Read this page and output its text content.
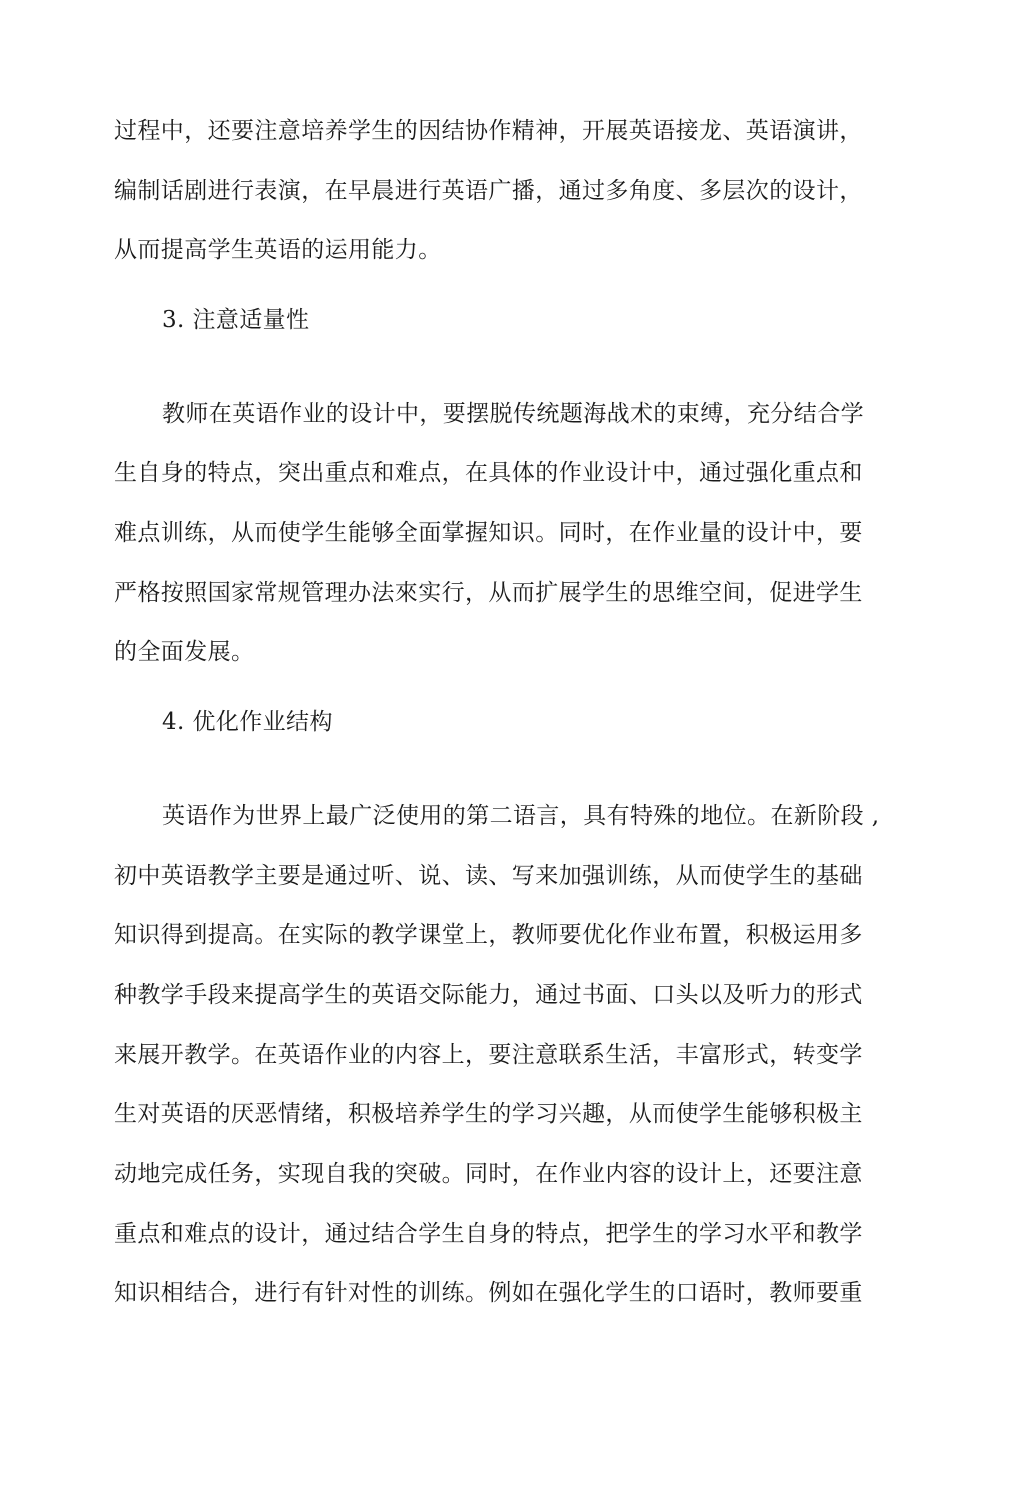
过程中，还要注意培养学生的因结协作精神，开展英语接龙、英语演讲，
编制话剧进行表演，在早晨进行英语广播，通过多角度、多层次的设计，
从而提高学生英语的运用能力。
3. 注意适量性
教师在英语作业的设计中，要摆脱传统题海战术的束缚，充分结合学
生自身的特点，突出重点和难点，在具体的作业设计中，通过强化重点和
难点训练，从而使学生能够全面掌握知识。同时，在作业量的设计中，要
严格按照国家常规管理办法來实行，从而扩展学生的思维空间，促进学生
的全面发展。
4. 优化作业结构
英语作为世界上最广泛使用的第二语言，具有特殊的地位。在新阶段 ,
初中英语教学主要是通过听、说、读、写来加强训练，从而使学生的基础
知识得到提高。在实际的教学课堂上，教师要优化作业布置，积极运用多
种教学手段来提高学生的英语交际能力，通过书面、口头以及听力的形式
来展开教学。在英语作业的内容上，要注意联系生活，丰富形式，转变学
生对英语的厌恶情绪，积极培养学生的学习兴趣，从而使学生能够积极主
动地完成任务，实现自我的突破。同时，在作业内容的设计上，还要注意
重点和难点的设计，通过结合学生自身的特点，把学生的学习水平和教学
知识相结合，进行有针对性的训练。例如在强化学生的口语时，教师要重
